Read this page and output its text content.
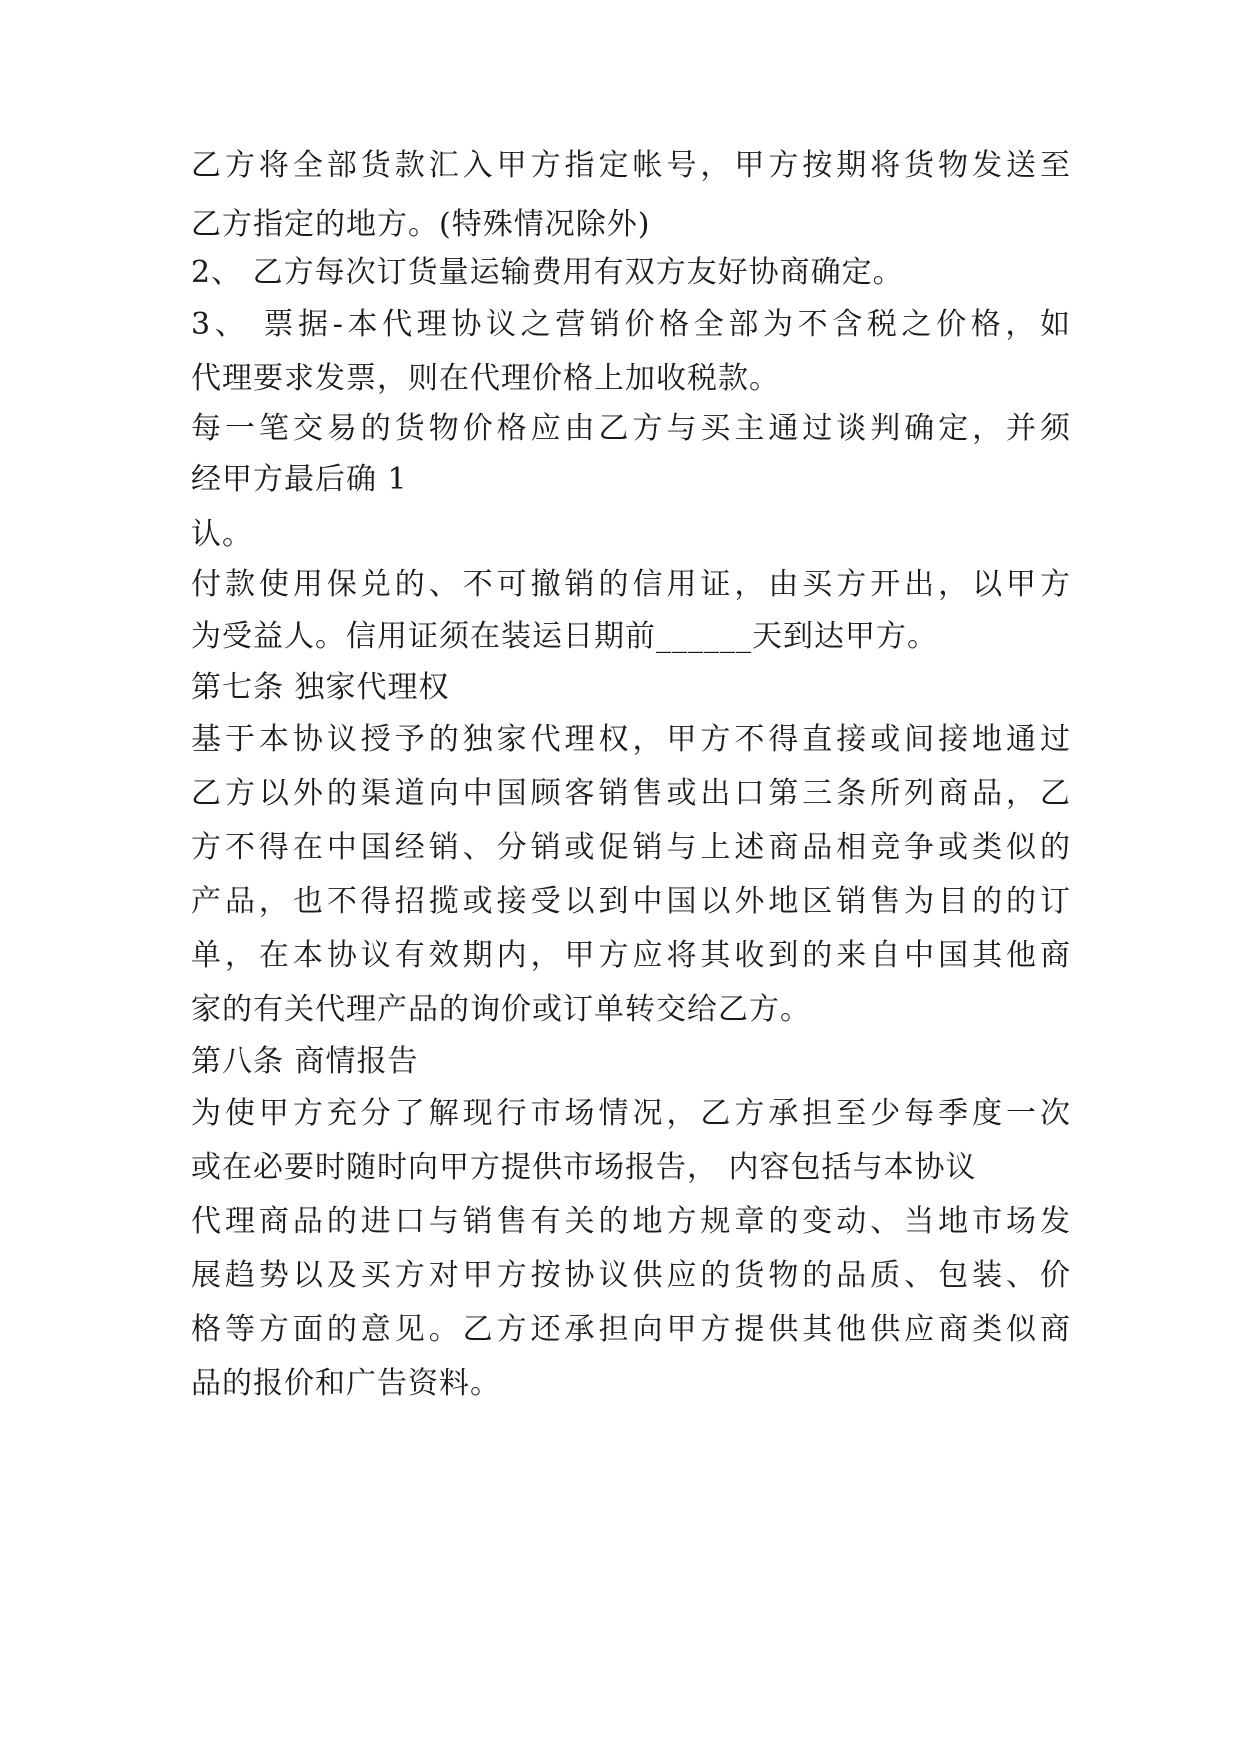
乙方将全部货款汇入甲方指定帐号，甲方按期将货物发送至
乙方指定的地方。(特殊情况除外)
2、 乙方每次订货量运输费用有双方友好协商确定。
3、 票据-本代理协议之营销价格全部为不含税之价格，如
代理要求发票，则在代理价格上加收税款。
每一笔交易的货物价格应由乙方与买主通过谈判确定，并须
经甲方最后确 1
认。
付款使用保兑的、不可撤销的信用证，由买方开出，以甲方
为受益人。信用证须在装运日期前______天到达甲方。
第七条 独家代理权
基于本协议授予的独家代理权，甲方不得直接或间接地通过
乙方以外的渠道向中国顾客销售或出口第三条所列商品，乙
方不得在中国经销、分销或促销与上述商品相竞争或类似的
产品，也不得招揽或接受以到中国以外地区销售为目的的订
单，在本协议有效期内，甲方应将其收到的来自中国其他商
家的有关代理产品的询价或订单转交给乙方。
第八条 商情报告
为使甲方充分了解现行市场情况，乙方承担至少每季度一次
或在必要时随时向甲方提供市场报告， 内容包括与本协议
代理商品的进口与销售有关的地方规章的变动、当地市场发
展趋势以及买方对甲方按协议供应的货物的品质、包装、价
格等方面的意见。乙方还承担向甲方提供其他供应商类似商
品的报价和广告资料。
